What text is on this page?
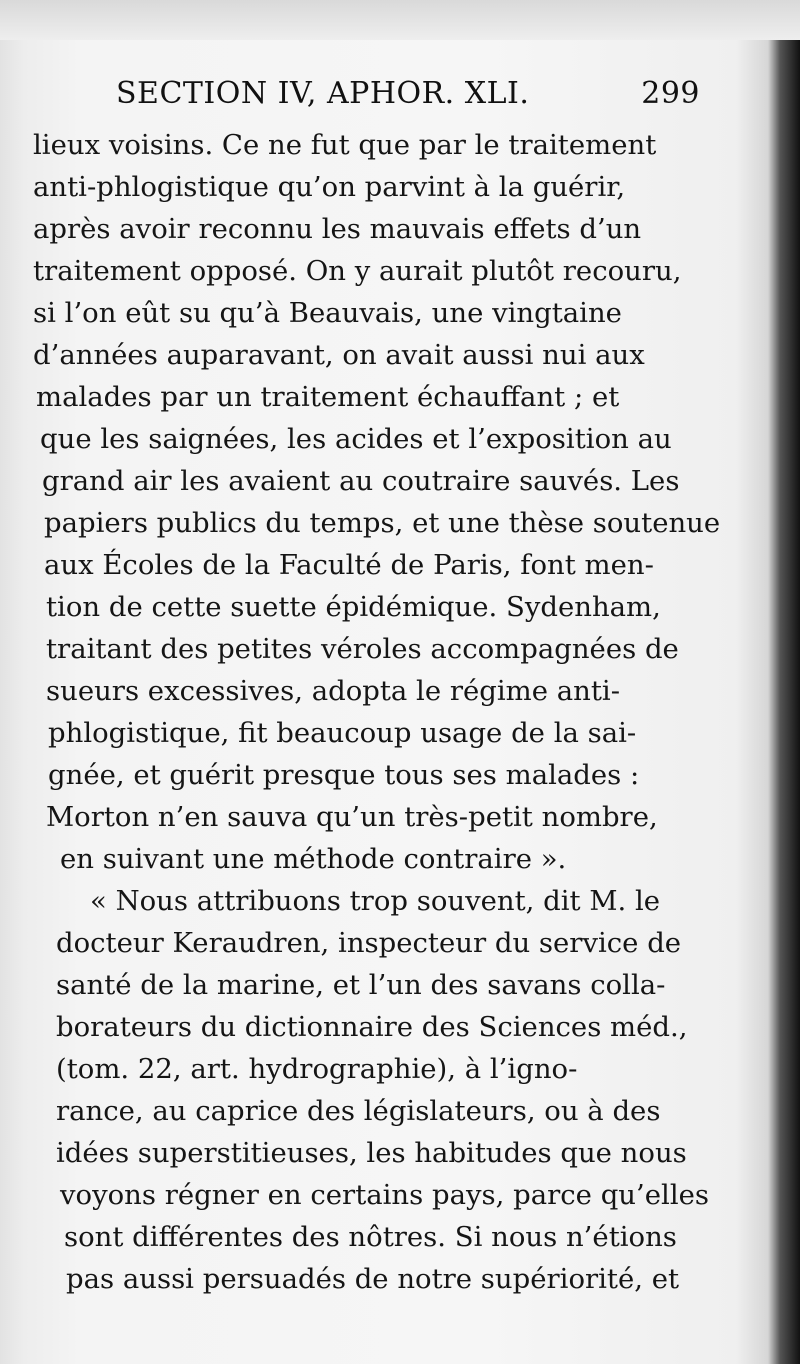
SECTION IV, APHOR. XLI.	299
lieux voisins. Ce ne fut que par le traitement
anti-phlogistique qu’on parvint à la guérir,
après avoir reconnu les mauvais effets d’un
traitement opposé. On y aurait plutôt recouru,
si l’on eût su qu’à Beauvais, une vingtaine
d’années auparavant, on avait aussi nui aux
malades par un traitement échauffant ; et
que les saignées, les acides et l’exposition au
grand air les avaient au coutraire sauvés. Les
papiers publics du temps, et une thèse soutenue
aux Écoles de la Faculté de Paris, font men-
tion de cette suette épidémique. Sydenham,
traitant des petites véroles accompagnées de
sueurs excessives, adopta le régime anti-
phlogistique, fit beaucoup usage de la sai-
gnée, et guérit presque tous ses malades :
Morton n’en sauva qu’un très-petit nombre,
en suivant une méthode contraire ».
« Nous attribuons trop souvent, dit M. le
docteur Keraudren, inspecteur du service de
santé de la marine, et l’un des savans colla-
borateurs du dictionnaire des Sciences méd.,
(tom. 22, art. hydrographie), à l’igno-
rance, au caprice des législateurs, ou à des
idées superstitieuses, les habitudes que nous
voyons régner en certains pays, parce qu’elles
sont différentes des nôtres. Si nous n’étions
pas aussi persuadés de notre supériorité, et
